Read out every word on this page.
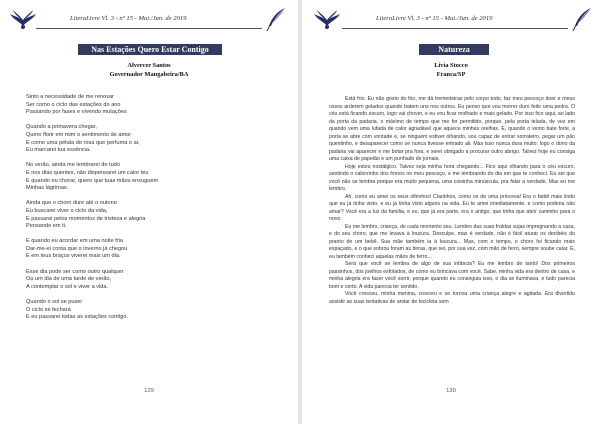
LiteraLivre Vl. 3 - nº 15 - Mai./Jun. de 2019
Nas Estações Quero Estar Contigo
Alvercer Santos
Governador Mangabeira/BA
Sinto a necessidade de me renovar
Ser como o ciclo das estações do ano
Passando por fases e vivendo mutações
Quando a primavera chegar,
Quero florir em mim o sentimento de amor
E como uma pétala de rosa que perfuma o ar,
Eu marcarei tua essência.
No verão, ainda me lembrarei de tudo
E nos dias quentes, não dispensarei um calor teu
E quando eu chorar, quero que tuas mãos enxuguem
Minhas lágrimas.
Ainda que o choro dure até o outono
Eu buscarei viver o ciclo da vida,
E passarei pelos momentos de tristeza e alegria
Pensando em ti.
E quando eu acordar em uma noite fria
Dar-me-ei conta que o inverno já chegou
E em teus braços viverei mais um dia.
Esse dia pode ser como outro qualquer
Ou um dia de uma tarde de verão,
A contemplar o sol e viver a vida.
Quando o sol se puser
O ciclo se fechará
E eu passarei todas as estações contigo.
129
LiteraLivre Vl. 3 - nº 15 - Mai./Jun. de 2019
Natureza
Lívia Stocco
Franca/SP

Está frio. Eu não gosto do frio, me dá tremedeiras pelo corpo todo, faz meu pescoço doer e meus ossos arderem gelados quando batem uns nos outros. Eu penso que vou morrer duro feito uma pedra. O céu está ficando escuro, logo vai chover, e eu vou ficar molhado e mais gelado. Por isso fico aqui, ao lado da porta da padaria, o máximo de tempo que me for permitido, porque, pela porta telada, de vez em quando vem uma lufada de calor agradável que aquece minhas orelhas. E, quando o vento bate forte, a porta se abre com vontade e, se ninguém estiver olhando, sou capaz de entrar sorrateiro, pegar um pão quentinho, e desaparecer como se nunca tivesse entrado ali. Mas isso nunca dura muito: logo o dono da padaria vai aparecer e me botar pra fora, e serei obrigado a procurar outro abrigo. Talvez hoje eu consiga uma caixa de papelão e um punhado de jornais.

Hoje estou nostálgico. Talvez seja minha hora chegando... Fico aqui olhando para o céu escuro, sentindo o calorzinho dos fornos no meu pescoço, e me lembrando do dia em que te conheci. Eu sei que você não se lembra porque era muito pequena, uma coisinha minúscula, pra falar a verdade. Mas eu me lembro.

Ah, como eu amei os seus olhinhos! Clarinhos, como os de uma princesa! Era o bebê mais lindo que eu já tinha visto, e eu já tinha visto alguns na vida. Eu te amei imediatamente, e como poderia não amar? Você era a luz da família, e eu, que já era parte, era o antigo, que tinha que abrir caminho para o novo.

Eu me lembro, criança, de cada momento seu. Lembro das suas fraldas sujas impregnando a casa, e do seu choro, que me levava à loucura. Desculpe, mas é verdade, não é fácil aturar os decibéis do pranto de um bebê. Sua mãe também ia à loucura... Mas, com o tempo, o choro foi ficando mais espaçado, e o que sobrou foram as birras, que sei, por sua vez, com mão de ferro, sempre soube calar. É, eu também conheci aquelas mãos de ferro...

Será que você se lembra de algo de sua infância? Eu me lembro de tanto! Dos primeiros passinhos, dos joelhos esfolados, de como eu brincava com você. Sabe, minha vida era dentro de casa, e minha alegria era fazer você sorrir, porque quando eu conseguia isso, o dia se iluminava, e tudo parecia bom e certo. A vida parecia ter sentido.

Você cresceu, minha menina, cresceu e se tornou uma criança alegre e agitada. Era divertido assistir as suas tentativas de andar de bicicleta sem

130
